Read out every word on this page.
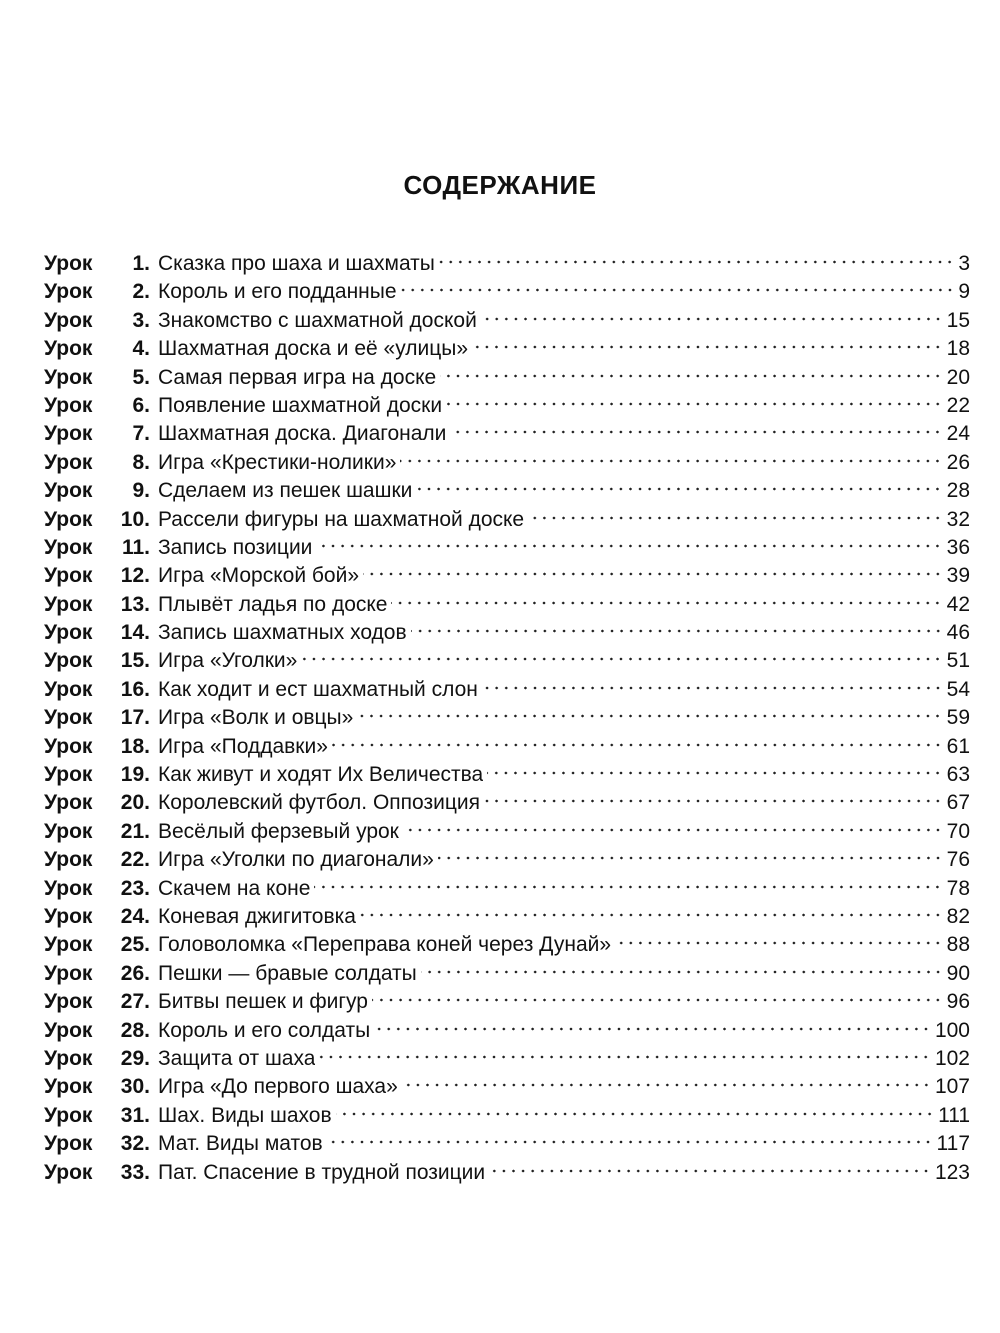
СОДЕРЖАНИЕ
Урок	1. Сказка про шаха и шахматы	3
Урок	2. Король и его подданные	9
Урок	3. Знакомство с шахматной доской	15
Урок	4. Шахматная доска и её «улицы»	18
Урок	5. Самая первая игра на доске	20
Урок	6. Появление шахматной доски	22
Урок	7. Шахматная доска. Диагонали	24
Урок	8. Игра «Крестики-нолики»	26
Урок	9. Сделаем из пешек шашки	28
Урок	10. Рассели фигуры на шахматной доске	32
Урок	11. Запись позиции	36
Урок	12. Игра «Морской бой»	39
Урок	13. Плывёт ладья по доске	42
Урок	14. Запись шахматных ходов	46
Урок	15. Игра «Уголки»	51
Урок	16. Как ходит и ест шахматный слон	54
Урок	17. Игра «Волк и овцы»	59
Урок	18. Игра «Поддавки»	61
Урок	19. Как живут и ходят Их Величества	63
Урок	20. Королевский футбол. Оппозиция	67
Урок	21. Весёлый ферзевый урок	70
Урок	22. Игра «Уголки по диагонали»	76
Урок	23. Скачем на коне	78
Урок	24. Коневая джигитовка	82
Урок	25. Головоломка «Переправа коней через Дунай»	88
Урок	26. Пешки — бравые солдаты	90
Урок	27. Битвы пешек и фигур	96
Урок	28. Король и его солдаты	100
Урок	29. Защита от шаха	102
Урок	30. Игра «До первого шаха»	107
Урок	31. Шах. Виды шахов	111
Урок	32. Мат. Виды матов	117
Урок	33. Пат. Спасение в трудной позиции	123
